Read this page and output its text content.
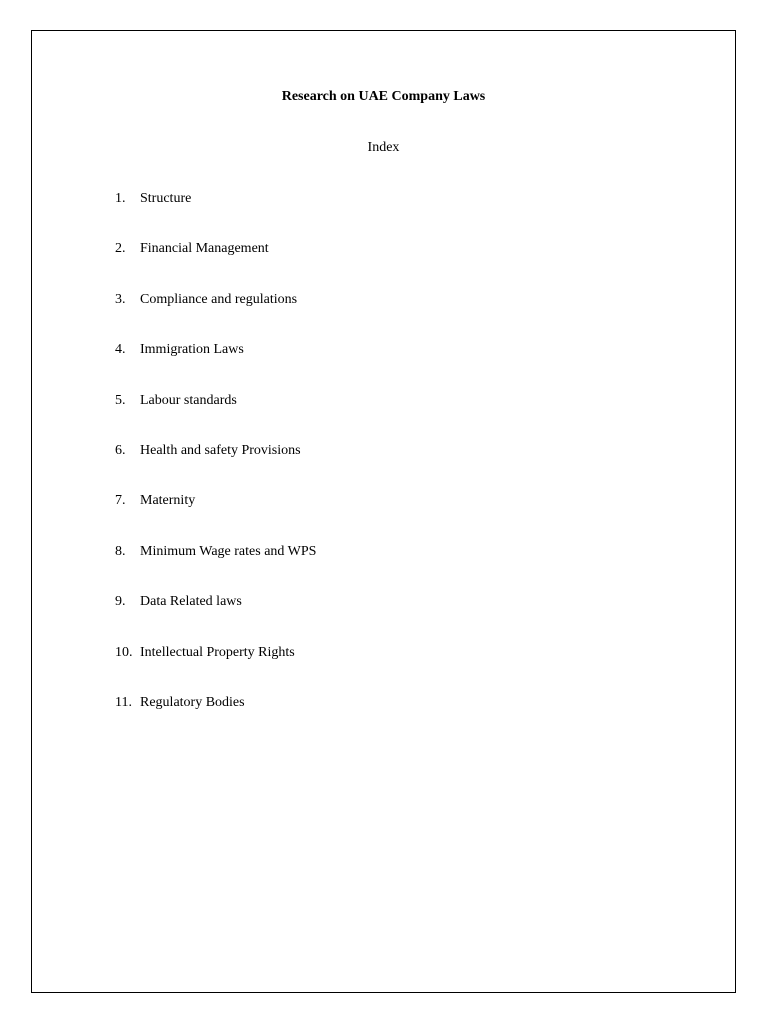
Research on UAE Company Laws
Index
1. Structure
2. Financial Management
3. Compliance and regulations
4. Immigration Laws
5. Labour standards
6. Health and safety Provisions
7. Maternity
8. Minimum Wage rates and WPS
9. Data Related laws
10. Intellectual Property Rights
11. Regulatory Bodies
